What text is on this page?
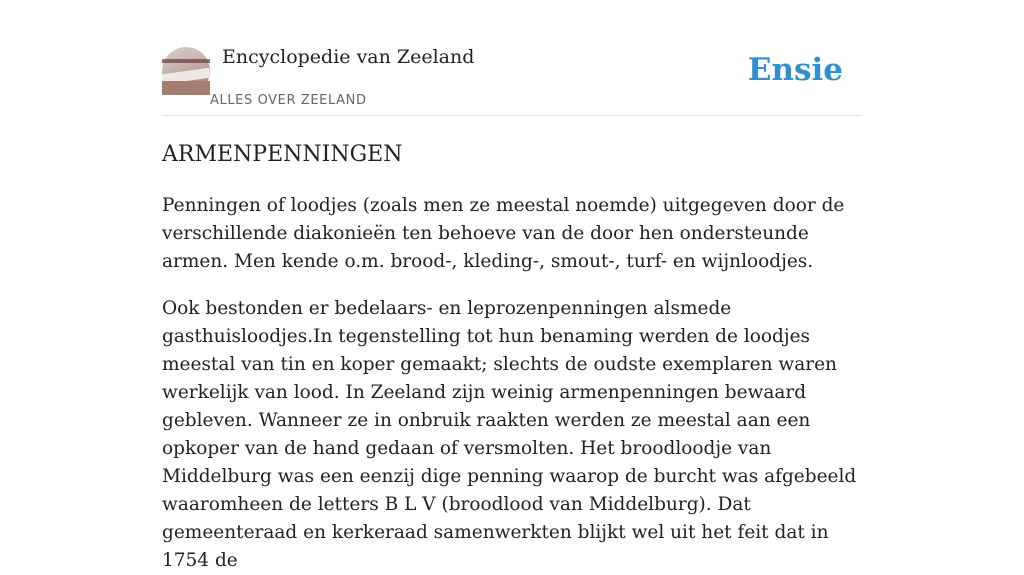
Encyclopedie van Zeeland
ALLES OVER ZEELAND
Ensie
ARMENPENNINGEN

Penningen of loodjes (zoals men ze meestal noemde) uitgegeven door de verschillende diakonieën ten behoeve van de door hen ondersteunde armen. Men kende o.m. brood-, kleding-, smout-, turf- en wijnloodjes.

Ook bestonden er bedelaars- en leprozenpenningen alsmede gasthuisloodjes.In tegenstelling tot hun benaming werden de loodjes meestal van tin en koper gemaakt; slechts de oudste exemplaren waren werkelijk van lood. In Zeeland zijn weinig armenpenningen bewaard gebleven. Wanneer ze in onbruik raakten werden ze meestal aan een opkoper van de hand gedaan of versmolten. Het broodloodje van Middelburg was een eenzij dige penning waarop de burcht was afgebeeld waaromheen de letters B L V (broodlood van Middelburg). Dat gemeenteraad en kerkeraad samenwerkten blijkt wel uit het feit dat in 1754 de
